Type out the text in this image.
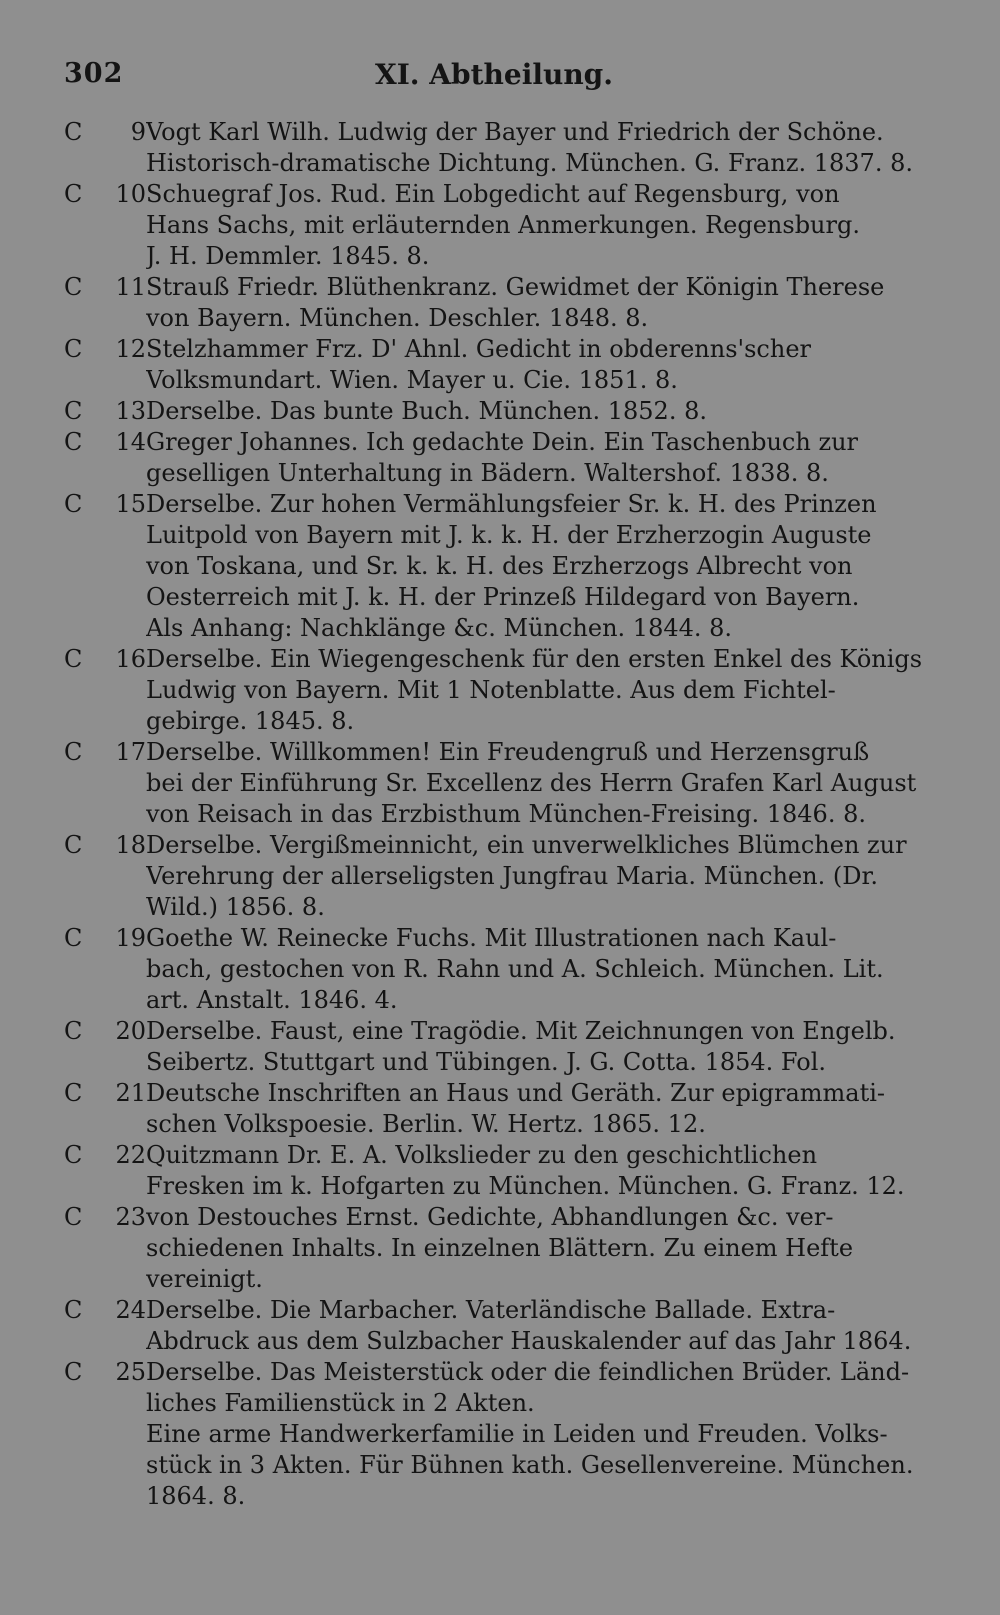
302	XI. Abtheilung.
C	9 Vogt Karl Wilh. Ludwig der Bayer und Friedrich der Schöne.
Historisch-dramatische Dichtung. München. G. Franz. 1837. 8.
C	10 Schuegraf Jos. Rud. Ein Lobgedicht auf Regensburg, von
Hans Sachs, mit erläuternden Anmerkungen. Regensburg.
J. H. Demmler. 1845. 8.
C	11 Strauß Friedr. Blüthenkranz. Gewidmet der Königin Therese
von Bayern. München. Deschler. 1848. 8.
C	12 Stelzhammer Frz. D' Ahnl. Gedicht in obderenns'scher
Volksmundart. Wien. Mayer u. Cie. 1851. 8.
C	13 Derselbe. Das bunte Buch. München. 1852. 8.
C	14 Greger Johannes. Ich gedachte Dein. Ein Taschenbuch zur
geselligen Unterhaltung in Bädern. Waltershof. 1838. 8.
C	15 Derselbe. Zur hohen Vermählungsfeier Sr. k. H. des Prinzen
Luitpold von Bayern mit J. k. k. H. der Erzherzogin Auguste
von Toskana, und Sr. k. k. H. des Erzherzogs Albrecht von
Oesterreich mit J. k. H. der Prinzeß Hildegard von Bayern.
Als Anhang: Nachklänge &c. München. 1844. 8.
C	16 Derselbe. Ein Wiegengeschenk für den ersten Enkel des Königs
Ludwig von Bayern. Mit 1 Notenblatte. Aus dem Fichtel-
gebirge. 1845. 8.
C	17 Derselbe. Willkommen! Ein Freudengruß und Herzensgruß
bei der Einführung Sr. Excellenz des Herrn Grafen Karl August
von Reisach in das Erzbisthum München-Freising. 1846. 8.
C	18 Derselbe. Vergißmeinnicht, ein unverwelkliches Blümchen zur
Verehrung der allerseligsten Jungfrau Maria. München. (Dr.
Wild.) 1856. 8.
C	19 Goethe W. Reinecke Fuchs. Mit Illustrationen nach Kaul-
bach, gestochen von R. Rahn und A. Schleich. München. Lit.
art. Anstalt. 1846. 4.
C	20 Derselbe. Faust, eine Tragödie. Mit Zeichnungen von Engelb.
Seibertz. Stuttgart und Tübingen. J. G. Cotta. 1854. Fol.
C	21 Deutsche Inschriften an Haus und Geräth. Zur epigrammati-
schen Volkspoesie. Berlin. W. Hertz. 1865. 12.
C	22 Quitzmann Dr. E. A. Volkslieder zu den geschichtlichen
Fresken im k. Hofgarten zu München. München. G. Franz. 12.
C	23 von Destouches Ernst. Gedichte, Abhandlungen &c. ver-
schiedenen Inhalts. In einzelnen Blättern. Zu einem Hefte
vereinigt.
C	24 Derselbe. Die Marbacher. Vaterländische Ballade. Extra-
Abdruck aus dem Sulzbacher Hauskalender auf das Jahr 1864.
C	25 Derselbe. Das Meisterstück oder die feindlichen Brüder. Länd-
liches Familienstück in 2 Akten.
Eine arme Handwerkerfamilie in Leiden und Freuden. Volks-
stück in 3 Akten. Für Bühnen kath. Gesellenvereine. München.
1864. 8.
